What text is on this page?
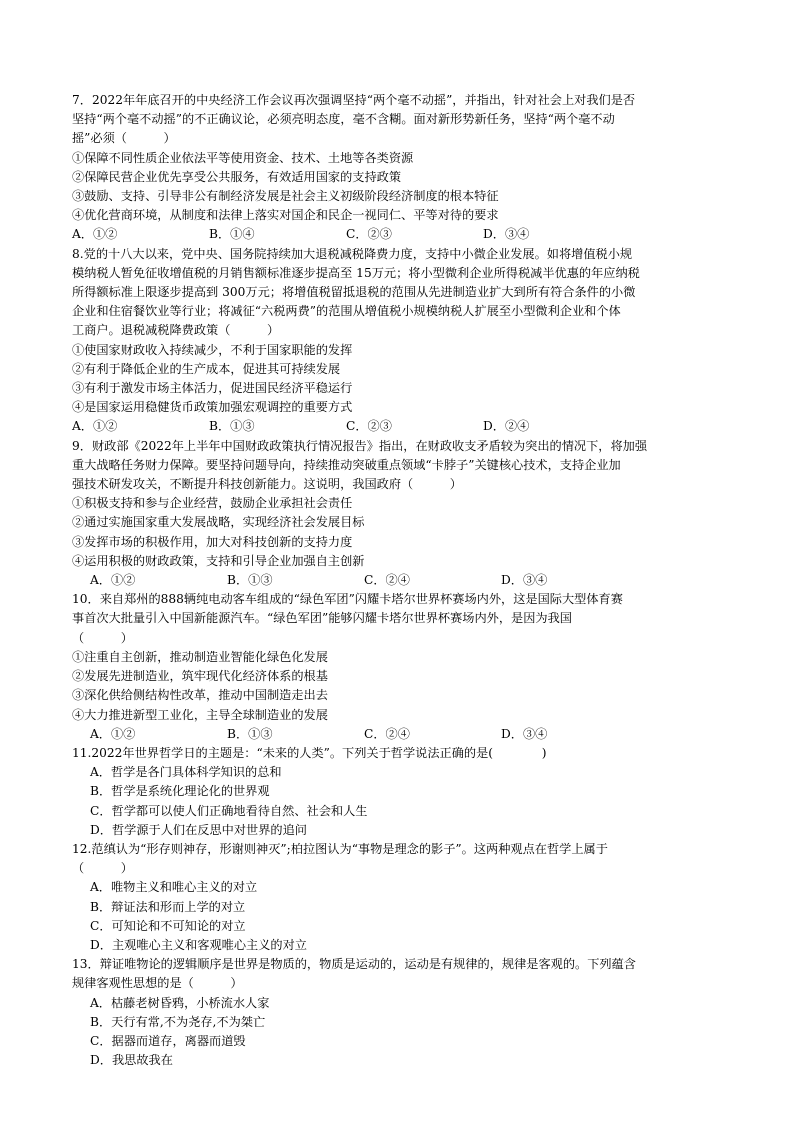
7．2022年年底召开的中央经济工作会议再次强调坚持“两个毫不动摇”，并指出，针对社会上对我们是否
坚持“两个毫不动摇”的不正确议论，必须亮明态度，毫不含糊。面对新形势新任务，坚持“两个毫不动
摇”必须（　　　）
①保障不同性质企业依法平等使用资金、技术、土地等各类资源
②保障民营企业优先享受公共服务，有效适用国家的支持政策
③鼓励、支持、引导非公有制经济发展是社会主义初级阶段经济制度的根本特征
④优化营商环境，从制度和法律上落实对国企和民企一视同仁、平等对待的要求
A．①②	B．①④	C．②③	D．③④
8.党的十八大以来，党中央、国务院持续加大退税减税降费力度，支持中小微企业发展。如将增值税小规
模纳税人暂免征收增值税的月销售额标准逐步提高至 15万元；将小型微利企业所得税减半优惠的年应纳税
所得额标准上限逐步提高到 300万元；将增值税留抵退税的范围从先进制造业扩大到所有符合条件的小微
企业和住宿餐饮业等行业；将减征“六税两费”的范围从增值税小规模纳税人扩展至小型微利企业和个体
工商户。退税减税降费政策（　　　）
①使国家财政收入持续减少，不利于国家职能的发挥
②有利于降低企业的生产成本，促进其可持续发展
③有利于激发市场主体活力，促进国民经济平稳运行
④是国家运用稳健货币政策加强宏观调控的重要方式
A．①②	B．①③	C．②③	D．②④
9．财政部《2022年上半年中国财政政策执行情况报告》指出，在财政收支矛盾较为突出的情况下，将加强
重大战略任务财力保障。要坚持问题导向，持续推动突破重点领域“卡脖子”关键核心技术，支持企业加
强技术研发攻关，不断提升科技创新能力。这说明，我国政府（　　　）
①积极支持和参与企业经营，鼓励企业承担社会责任
②通过实施国家重大发展战略，实现经济社会发展目标
③发挥市场的积极作用，加大对科技创新的支持力度
④运用积极的财政政策，支持和引导企业加强自主创新
A．①②	B．①③	C．②④	D．③④
10．来自郑州的888辆纯电动客车组成的“绿色军团”闪耀卡塔尔世界杯赛场内外，这是国际大型体育赛
事首次大批量引入中国新能源汽车。“绿色军团”能够闪耀卡塔尔世界杯赛场内外，是因为我国
（　　　）
①注重自主创新，推动制造业智能化绿色化发展
②发展先进制造业，筑牢现代化经济体系的根基
③深化供给侧结构性改革，推动中国制造走出去
④大力推进新型工业化，主导全球制造业的发展
A．①②	B．①③	C．②④	D．③④
11.2022年世界哲学日的主题是：“未来的人类”。下列关于哲学说法正确的是(　　　　)
A．哲学是各门具体科学知识的总和
B．哲学是系统化理论化的世界观
C．哲学都可以使人们正确地看待自然、社会和人生
D．哲学源于人们在反思中对世界的追问
12.范缜认为“形存则神存，形谢则神灭”;柏拉图认为“事物是理念的影子”。这两种观点在哲学上属于
（　　　）
A．唯物主义和唯心主义的对立
B．辩证法和形而上学的对立
C．可知论和不可知论的对立
D．主观唯心主义和客观唯心主义的对立
13．辩证唯物论的逻辑顺序是世界是物质的，物质是运动的，运动是有规律的，规律是客观的。下列蕴含
规律客观性思想的是（　　　）
A．枯藤老树昏鸦，小桥流水人家
B．天行有常,不为尧存,不为桀亡
C．据器而道存，离器而道毁
D．我思故我在
